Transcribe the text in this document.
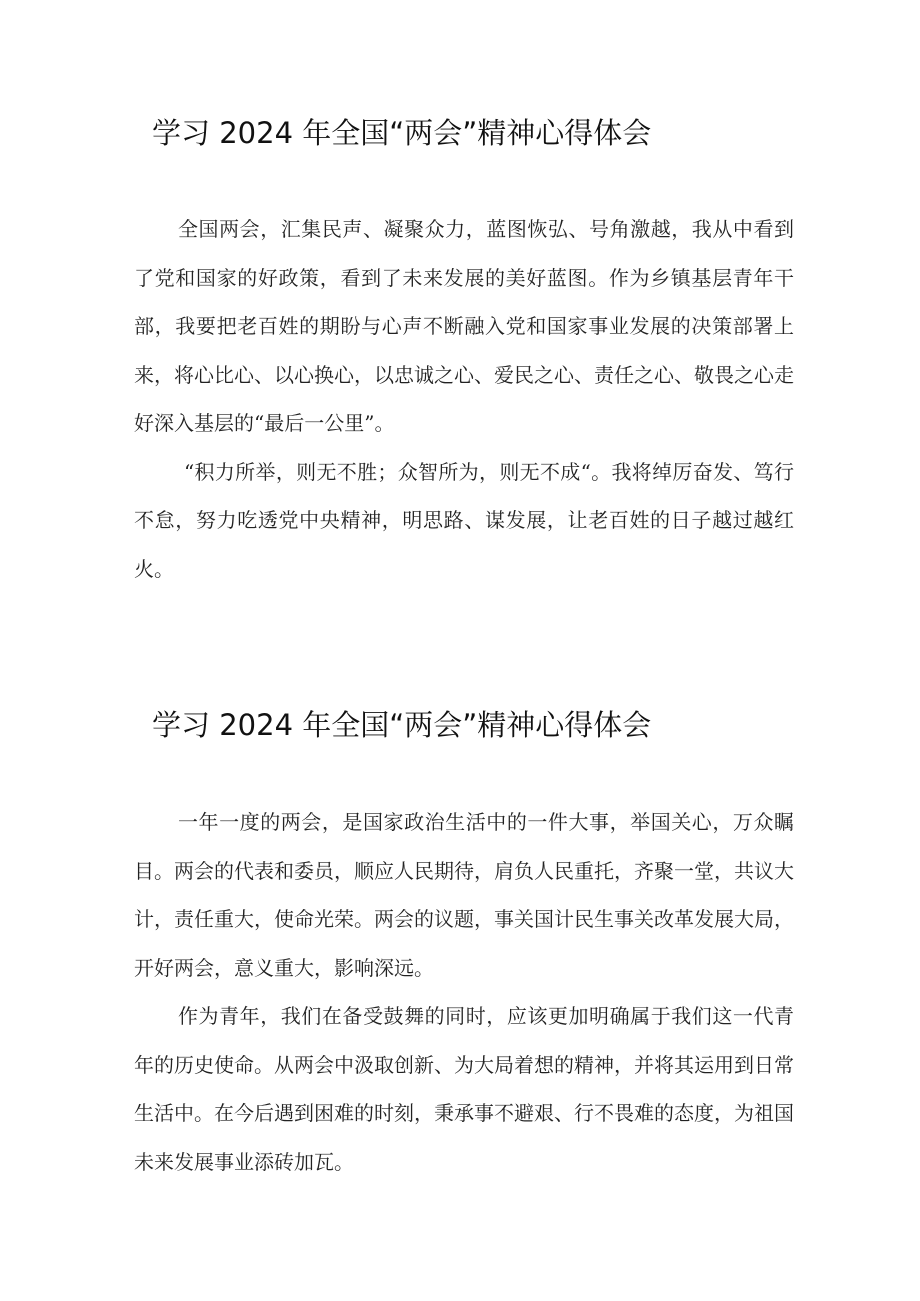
学习 2024 年全国“两会”精神心得体会

全国两会，汇集民声、凝聚众力，蓝图恢弘、号角激越，我从中看到了党和国家的好政策，看到了未来发展的美好蓝图。作为乡镇基层青年干部，我要把老百姓的期盼与心声不断融入党和国家事业发展的决策部署上来，将心比心、以心换心，以忠诚之心、爱民之心、责任之心、敬畏之心走好深入基层的“最后一公里”。

“积力所举，则无不胜；众智所为，则无不成“。我将绰厉奋发、笃行不怠，努力吃透党中央精神，明思路、谋发展，让老百姓的日子越过越红火。

学习 2024 年全国“两会”精神心得体会

一年一度的两会，是国家政治生活中的一件大事，举国关心，万众瞩目。两会的代表和委员，顺应人民期待，肩负人民重托，齐聚一堂，共议大计，责任重大，使命光荣。两会的议题，事关国计民生事关改革发展大局，开好两会，意义重大，影响深远。

作为青年，我们在备受鼓舞的同时，应该更加明确属于我们这一代青年的历史使命。从两会中汲取创新、为大局着想的精神，并将其运用到日常生活中。在今后遇到困难的时刻，秉承事不避艰、行不畏难的态度，为祖国未来发展事业添砖加瓦。
